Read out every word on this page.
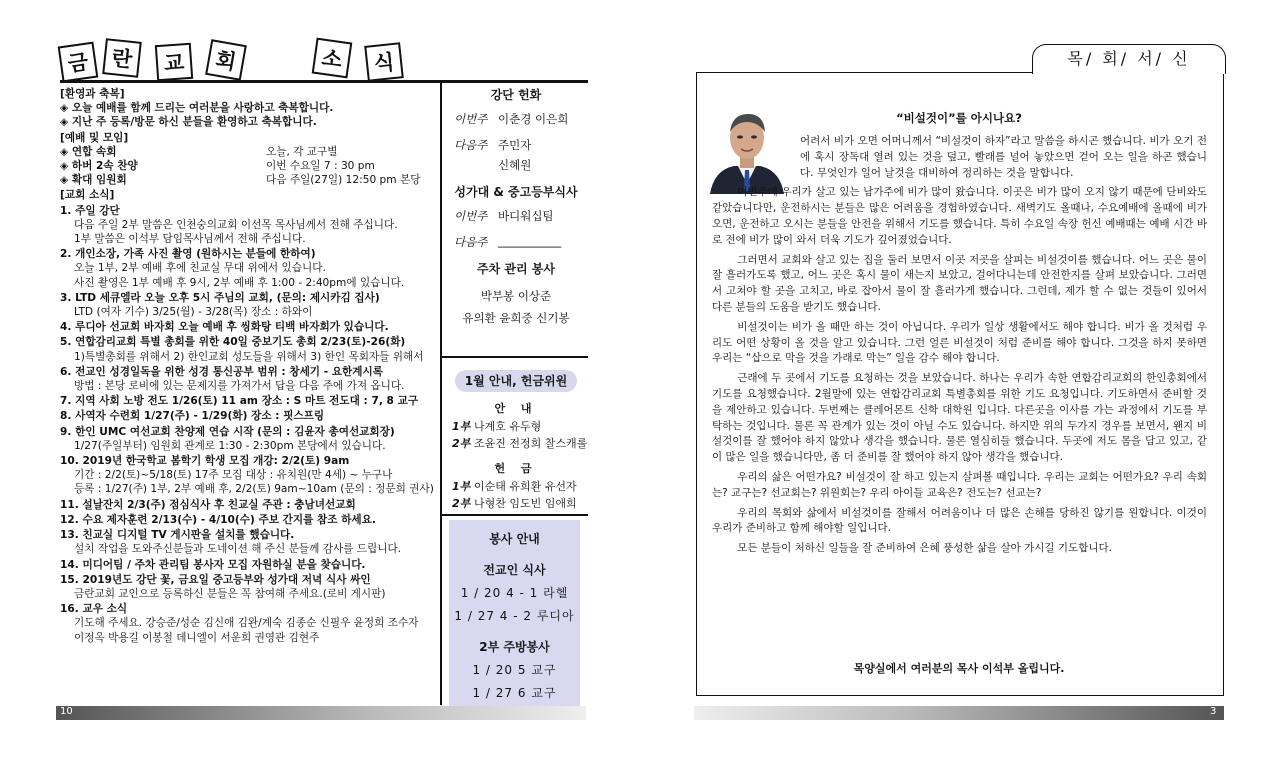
금 란	교	회	소	식
[환영과 축복]
◈ 오늘 예배를 함께 드리는 여러분을 사랑하고 축복합니다.
◈ 지난 주 등록/방문 하신 분들을 환영하고 축복합니다.
[예배 및 모임]
◈ 연합 속회	오늘, 각 교구별
◈ 하버 2속 찬양	이번 수요일 7 : 30 pm
◈ 확대 임원회	다음 주일(27일) 12:50 pm 본당
[교회 소식]
1. 주일 강단
다음 주일 2부 말씀은 인천숭의교회 이선목 목사님께서 전해 주십니다.
1부 말씀은 이석부 담임목사님께서 전해 주십니다.
2. 개인소장, 가족 사진 촬영 (원하시는 분들에 한하여)
오늘 1부, 2부 예배 후에 친교실 무대 위에서 있습니다.
사진 촬영은 1부 예배 후 9시, 2부 예배 후 1:00 - 2:40pm에 있습니다.
3. LTD 세큐엘라 오늘 오후 5시 주님의 교회, (문의: 제시카김 집사)
LTD (여자 기수) 3/25(월) - 3/28(목) 장소 : 하와이
4. 루디아 선교회 바자회 오늘 예배 후 씽화탕 티백 바자회가 있습니다.
5. 연합감리교회 특별 총회를 위한 40일 중보기도 총회 2/23(토)-26(화)
1)특별총회를 위해서 2) 한인교회 성도들을 위해서 3) 한인 목회자들 위해서
6. 전교인 성경일독을 위한 성경 통신공부 범위 : 창세기 - 요한계시록
방법 : 본당 로비에 있는 문제지를 가져가서 답을 다음 주에 가져 옵니다.
7. 지역 사회 노방 전도 1/26(토) 11 am 장소 : S 마트 전도대 : 7, 8 교구
8. 사역자 수련회 1/27(주) - 1/29(화) 장소 : 핏스프링
9. 한인 UMC 여선교회 찬양제 연습 시작 (문의 : 김윤자 총여선교회장)
1/27(주일부터) 임원회 관계로 1:30 - 2:30pm 본당에서 있습니다.
10. 2019년 한국학교 봄학기 학생 모집 개강: 2/2(토) 9am
기간 : 2/2(토)~5/18(토) 17주 모집 대상 : 유치원(만 4세) ~ 누구나
등록 : 1/27(주) 1부, 2부 예배 후, 2/2(토) 9am~10am (문의 : 정문희 권사)
11. 설날잔치 2/3(주) 점심식사 후 친교실 주관 : 충남녀선교회
12. 수요 제자훈련 2/13(수) - 4/10(수) 주보 간지를 참조 하세요.
13. 친교실 디지털 TV 게시판을 설치를 했습니다.
설치 작업을 도와주신분들과 도네이션 해 주신 분들께 감사를 드립니다.
14. 미디어팀 / 주차 관리팀 봉사자 모집 자원하실 분을 찾습니다.
15. 2019년도 강단 꽃, 금요일 중고등부와 성가대 저녁 식사 싸인
금란교회 교인으로 등록하신 분들은 꼭 참여해 주세요.(로비 게시판)
16. 교우 소식
기도해 주세요. 강승준/성순 김신애 김완/계숙 김종순 신필우 윤정희 조수자
이정옥 박용길 이봉철 데니엘이 서운희 권영관 김현주
강단 헌화
이번주 이춘경 이은희
다음주 주민자
신혜원
성가대 & 중고등부식사
이번주 바디워십팀
다음주 ___________
주차 관리 봉사
박부봉 이상준
유의환 윤희중 신기봉
1월 안내, 헌금위원
안 내
1부 나계호 유두형
2부 조윤진 전정희 찰스캐롤
헌 금
1부 이순태 유희환 유선자
2부 나형찬 임도빈 임애희
봉사 안내
전교인 식사
1 / 20 4 - 1 라헬
1 / 27 4 - 2 루디아
2부 주방봉사
1 / 20 5 교구
1 / 27 6 교구
10
목/ 회/ 서/ 신
“비설것이”를 아시나요?

어려서 비가 오면 어머니께서 “비설것이 하자”라고 말씀을 하시곤 했습니다. 비가 오기 전에 혹시 장독대 열려 있는 것을 덮고, 빨래를 널어 놓았으면 걷어 오는 일을 하곤 했습니다. 무엇인가 일어 날것을 대비하여 정리하는 것을 말합니다.

이번주에 우리가 살고 있는 남가주에 비가 많이 왔습니다. 이곳은 비가 많이 오지 않기 때문에 단비와도 같았습니다만, 운전하시는 분들은 많은 어려움을 경험하였습니다. 새벽기도 올때나, 수요예배에 올때에 비가 오면, 운전하고 오시는 분들을 안전을 위해서 기도를 했습니다. 특히 수요일 속장 헌신 예배때는 예배 시간 바로 전에 비가 많이 와서 더욱 기도가 깊어졌었습니다.

그러면서 교회와 살고 있는 집을 둘러 보면서 이곳 저곳을 살피는 비설것이를 했습니다. 어느 곳은 물이 잘 흘러가도록 했고, 어느 곳은 혹시 물이 새는지 보았고, 걸어다니는데 안전한지를 살펴 보았습니다. 그러면서 고쳐야 할 곳을 고치고, 바로 잡아서 물이 잘 흘러가게 했습니다. 그런데, 제가 할 수 없는 것들이 있어서 다른 분들의 도움을 받기도 했습니다.

비설것이는 비가 올 때만 하는 것이 아닙니다. 우리가 일상 생활에서도 해야 합니다. 비가 올 것처럼 우리도 어떤 상황이 올 것을 알고 있습니다. 그런 얼른 비설것이 처럼 준비를 해야 합니다. 그것을 하지 못하면 우리는 “삽으로 막을 것을 가래로 막는” 일을 감수 해야 합니다.

근래에 두 곳에서 기도를 요청하는 것을 보았습니다. 하나는 우리가 속한 연합감리교회의 한인총회에서 기도를 요청했습니다. 2월말에 있는 연합감리교회 특별총회를 위한 기도 요청입니다. 기도하면서 준비할 것을 제안하고 있습니다. 두번째는 클레어몬트 신학 대학원 입니다. 다른곳을 이사를 가는 과정에서 기도를 부탁하는 것입니다. 물론 꼭 관계가 있는 것이 아닐 수도 있습니다. 하지만 위의 두가지 경우를 보면서, 왠지 비설것이를 잘 했어야 하지 않았나 생각을 했습니다. 물론 열심히들 했습니다. 두곳에 저도 몸을 담고 있고, 같이 많은 일을 했습니다만, 좀 더 준비를 잘 했어야 하지 않아 생각을 했습니다.

우리의 삶은 어떤가요? 비설것이 잘 하고 있는지 살펴볼 때입니다. 우리는 교회는 어떤가요? 우리 속회는? 교구는? 선교회는? 위원회는? 우리 아이들 교육은? 전도는? 선교는?

우리의 목회와 삶에서 비설것이를 잘해서 어려움이나 더 많은 손해를 당하진 않기를 원합니다. 이것이 우리가 준비하고 함께 해야할 일입니다.

모든 분들이 처하신 일들을 잘 준비하여 은혜 풍성한 삶을 살아 가시길 기도합니다.

목양실에서 여러분의 목사 이석부 올립니다.
3
